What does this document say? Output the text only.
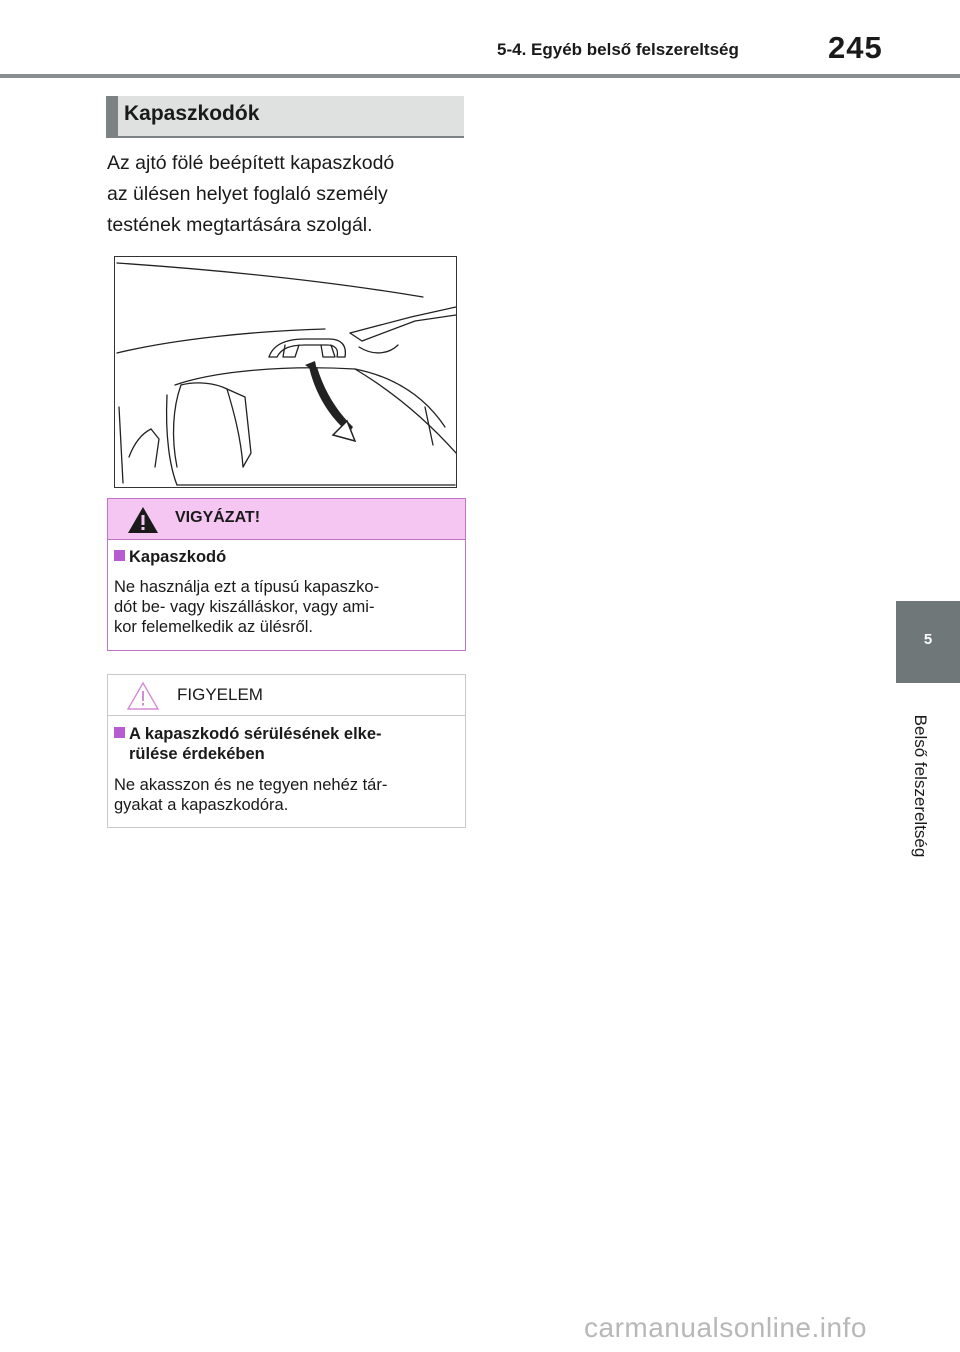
5-4. Egyéb belső felszereltség	245
5
Belső felszereltség
Kapaszkodók
Az ajtó fölé beépített kapaszkodó
az ülésen helyet foglaló személy
testének megtartására szolgál.
VIGYÁZAT!
Kapaszkodó
Ne használja ezt a típusú kapaszko-
dót be- vagy kiszálláskor, vagy ami-
kor felemelkedik az ülésről.
FIGYELEM
A kapaszkodó sérülésének elke-
rülése érdekében
Ne akasszon és ne tegyen nehéz tár-
gyakat a kapaszkodóra.
carmanualsonline.info
